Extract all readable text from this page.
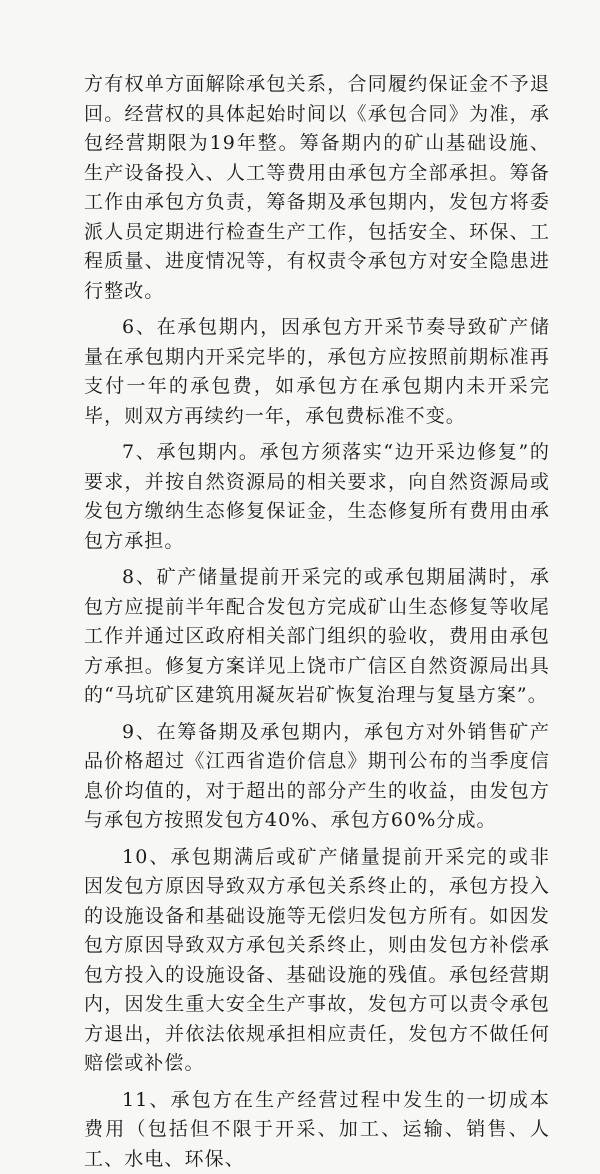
方有权单方面解除承包关系，合同履约保证金不予退回。经营权的具体起始时间以《承包合同》为准，承包经营期限为19年整。筹备期内的矿山基础设施、生产设备投入、人工等费用由承包方全部承担。筹备工作由承包方负责，筹备期及承包期内，发包方将委派人员定期进行检查生产工作，包括安全、环保、工程质量、进度情况等，有权责令承包方对安全隐患进行整改。

6、在承包期内，因承包方开采节奏导致矿产储量在承包期内开采完毕的，承包方应按照前期标准再支付一年的承包费，如承包方在承包期内未开采完毕，则双方再续约一年，承包费标准不变。

7、承包期内。承包方须落实“边开采边修复”的要求，并按自然资源局的相关要求，向自然资源局或发包方缴纳生态修复保证金，生态修复所有费用由承包方承担。

8、矿产储量提前开采完的或承包期届满时，承包方应提前半年配合发包方完成矿山生态修复等收尾工作并通过区政府相关部门组织的验收，费用由承包方承担。修复方案详见上饶市广信区自然资源局出具的“马坑矿区建筑用凝灰岩矿恢复治理与复垦方案”。

9、在筹备期及承包期内，承包方对外销售矿产品价格超过《江西省造价信息》期刊公布的当季度信息价均值的，对于超出的部分产生的收益，由发包方与承包方按照发包方40%、承包方60%分成。

10、承包期满后或矿产储量提前开采完的或非因发包方原因导致双方承包关系终止的，承包方投入的设施设备和基础设施等无偿归发包方所有。如因发包方原因导致双方承包关系终止，则由发包方补偿承包方投入的设施设备、基础设施的残值。承包经营期内，因发生重大安全生产事故，发包方可以责令承包方退出，并依法依规承担相应责任，发包方不做任何赔偿或补偿。

11、承包方在生产经营过程中发生的一切成本费用（包括但不限于开采、加工、运输、销售、人工、水电、环保、
